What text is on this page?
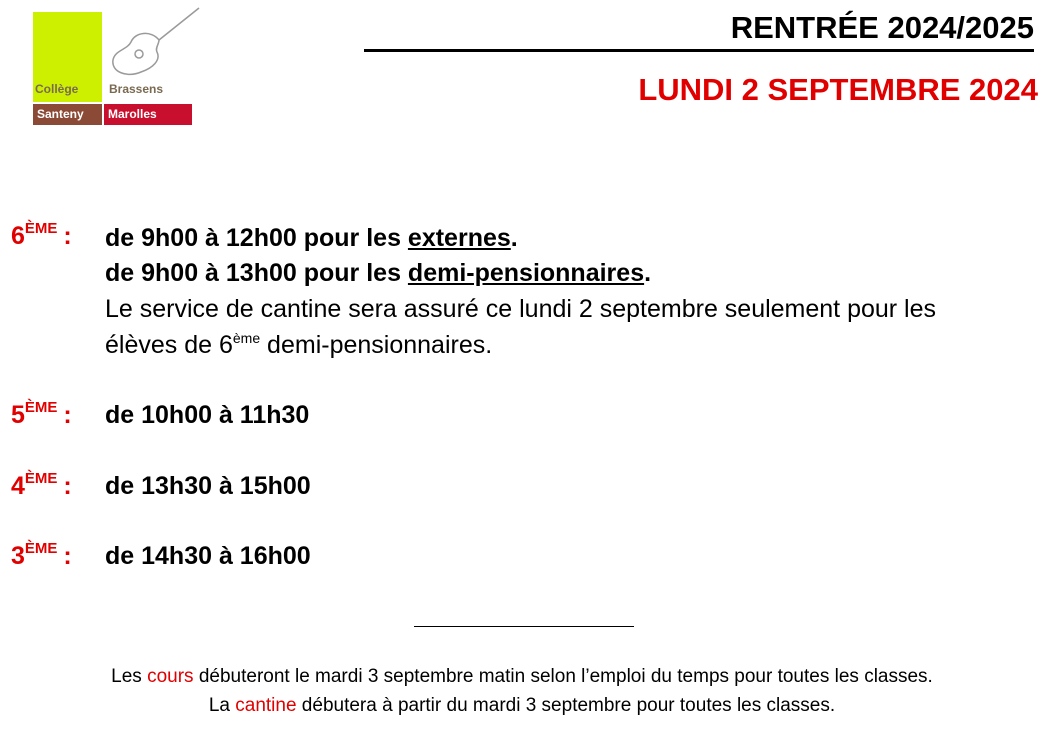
Collège	Brassens
Santeny	Marolles
RENTRÉE 2024/2025
LUNDI 2 SEPTEMBRE 2024
6ÈME : de 9h00 à 12h00 pour les externes.
de 9h00 à 13h00 pour les demi-pensionnaires.
Le service de cantine sera assuré ce lundi 2 septembre seulement pour les
élèves de 6ème demi-pensionnaires.
5ÈME : de 10h00 à 11h30
4ÈME : de 13h30 à 15h00
3ÈME : de 14h30 à 16h00
Les cours débuteront le mardi 3 septembre matin selon l’emploi du temps pour toutes les classes.
La cantine débutera à partir du mardi 3 septembre pour toutes les classes.
